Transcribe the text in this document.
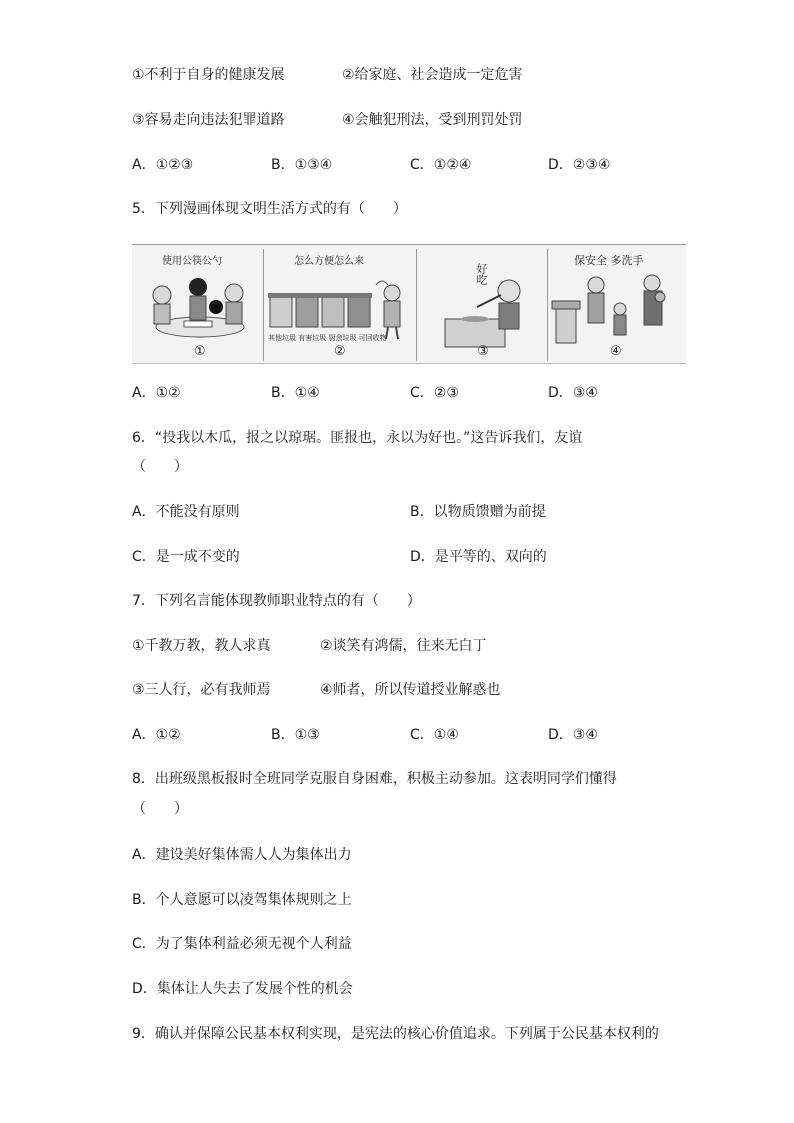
①不利于自身的健康发展	②给家庭、社会造成一定危害
③容易走向违法犯罪道路	④会触犯刑法，受到刑罚处罚
A．①②③	B．①③④	C．①②④	D．②③④
5．下列漫画体现文明生活方式的有（　　）
使用公筷公勺
①
怎么方便怎么来
其他垃圾 有害垃圾 厨余垃圾 可回收物
②
好吃
③
保安全 多洗手
④
A．①②	B．①④	C．②③	D．③④
6．“投我以木瓜，报之以琼琚。匪报也，永以为好也。”这告诉我们，友谊
（　　）
A．不能没有原则	B．以物质馈赠为前提
C．是一成不变的	D．是平等的、双向的
7．下列名言能体现教师职业特点的有（　　）
①千教万教，教人求真	②谈笑有鸿儒，往来无白丁
③三人行，必有我师焉	④师者，所以传道授业解惑也
A．①②	B．①③	C．①④	D．③④
8．出班级黑板报时全班同学克服自身困难，积极主动参加。这表明同学们懂得
（　　）
A．建设美好集体需人人为集体出力
B．个人意愿可以凌驾集体规则之上
C．为了集体利益必须无视个人利益
D．集体让人失去了发展个性的机会
9．确认并保障公民基本权利实现，是宪法的核心价值追求。下列属于公民基本权利的
